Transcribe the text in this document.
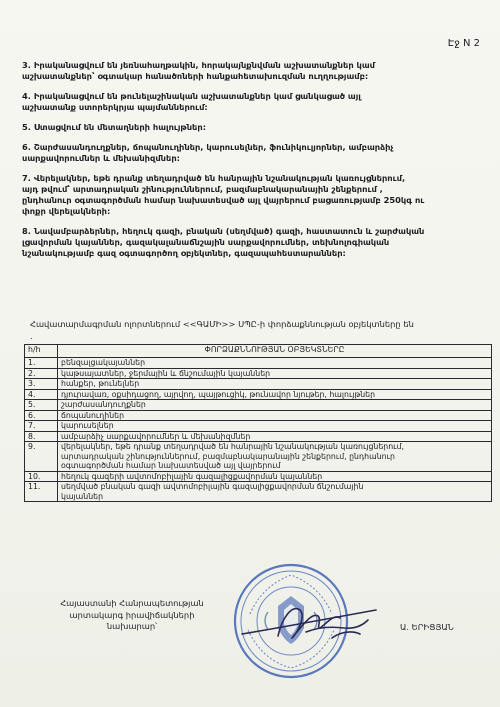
Էջ N 2

3. Իրականացվում են յեռնահաղթակին, հորակայնքնվման աշխատանքներ կամ
աշխատանքներ՝ օգտակար հանածոների հանքահետախուզման ուղղությամբ:

4. Իրականացվում են թունելաշինական աշխատանքներ կամ ցանկացած այլ
աշխատանք ստորերկրյա պայմաններում:

5. Ստացվում են մետաղների հալույթներ:

6. Շարժասանդուղքներ, ճոպանուղիներ, կարուսելներ, ֆունիկուլյորներ, ամբարձիչ
սարքավորումներ և մեխանիզմներ:

7. Վերելակներ, եթե դրանք տեղադրված են հանրային նշանակության կառույցներում,
այդ թվում՝ արտադրական շինություններում, բազմաբնակարանային շենքերում ,
ընդհանուր օգտագործման համար նախատեսված այլ վայրերում բացառությամբ 250կգ ու
փոքր վերելակների:

8. Նավամբարձերներ, հեղուկ գազի, բնական (սեղմված) գազի, հաստատուն և շարժական
լցավորման կայաններ, գազակալանաճնշային սարքավորումներ, տեխնոլոգիական
նշանակությամբ գազ օգտագործող օբյեկտներ, գազապահեստարաններ:

Հավատարմագրման ոլորտներում <<ԳԱՄԻ>> ՍՊԸ-ի փորձաքննության օբյեկտները են
.
h/h	ՓՈՐՁԱՔՆՆՈՒԹՅԱՆ ՕԲՅԵԿՏՆԵՐԸ
1.	բենզալցակայաններ

2.	կաթսայատներ, ջերմային և ճնշումային կայաններ

3.	հանքեր, թունելներ

4.	դյուրավառ, օքսիդացող, այրվող, պայթուցիկ, թունավոր նյութեր, հալույթներ

5.	շարժասանդուղքներ

6.	ճոպանուղիներ

7.	կարուսելներ

8.	ամբարձիչ սարքավորումներ և մեխանիզմներ

9.	վերելակներ, եթե դրանք տեղադրված են հանրային նշանակության կառույցներում,
արտադրական շինություններում, բազմաբնակարանային շենքերում, ընդհանուր
օգտագործման համար նախատեսված այլ վայրերում

10.	հեղուկ գազերի ավտոմոբիլային գազալիցքավորման կայաններ

11.	սեղմված բնական գազի ավտոմոբիլային գազալիցքավորման ճնշումային
կայաններ
Հայաստանի Հանրապետության
արտակարգ իրավիճակների
նախարար՝	Ա. ԵՐԻՑՅԱՆ
